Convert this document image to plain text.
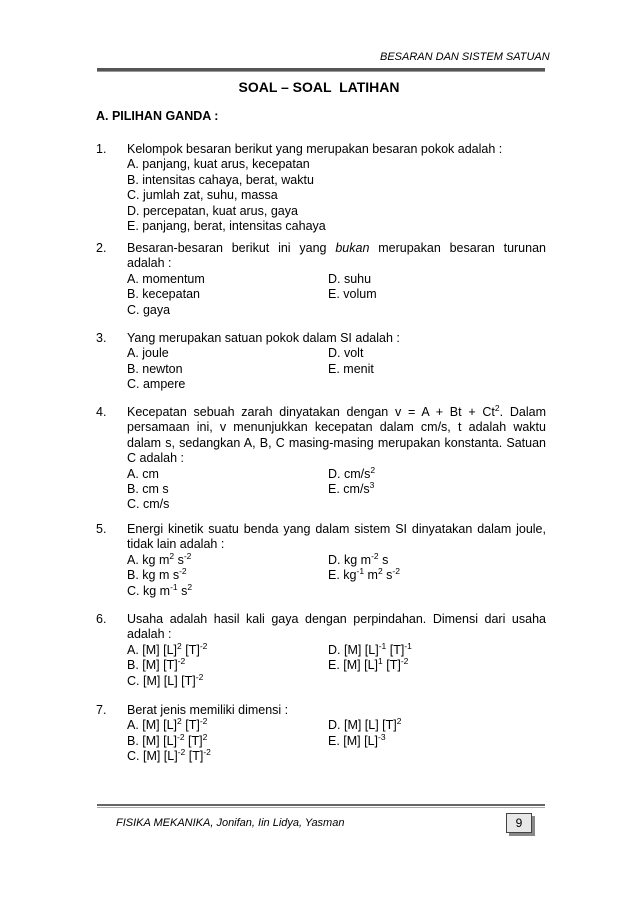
BESARAN DAN SISTEM SATUAN
SOAL – SOAL  LATIHAN
A. PILIHAN GANDA :
1. Kelompok besaran berikut yang merupakan besaran pokok adalah :
A. panjang, kuat arus, kecepatan
B. intensitas cahaya, berat, waktu
C. jumlah zat, suhu, massa
D. percepatan, kuat arus, gaya
E. panjang, berat, intensitas cahaya
2. Besaran-besaran berikut ini yang bukan merupakan besaran turunan adalah :
A. momentum	D. suhu
B. kecepatan	E. volum
C. gaya
3. Yang merupakan satuan pokok dalam SI adalah :
A. joule	D. volt
B. newton	E. menit
C. ampere
4. Kecepatan sebuah zarah dinyatakan dengan $v = A + Bt + Ct^2$. Dalam persamaan ini, v menunjukkan kecepatan dalam cm/s, t adalah waktu dalam s, sedangkan A, B, C masing-masing merupakan konstanta. Satuan C adalah :
A. cm	D. $cm/s^2$
B. cm s	E. $cm/s^3$
C. cm/s
5. Energi kinetik suatu benda yang dalam sistem SI dinyatakan dalam joule, tidak lain adalah :
A. kg $m^2$ $s^{-2}$	D. kg $m^{-2}$ s
B. kg m $s^{-2}$	E. $kg^{-1}$ $m^2$ $s^{-2}$
C. kg $m^{-1}$ $s^2$
6. Usaha adalah hasil kali gaya dengan perpindahan. Dimensi dari usaha adalah :
A. [M] $[L]^2$ $[T]^{-2}$	D. [M] $[L]^{-1}$ $[T]^{-1}$
B. [M] $[T]^{-2}$	E. [M] $[L]^1$ $[T]^{-2}$
C. [M] [L] $[T]^{-2}$
7. Berat jenis memiliki dimensi :
A. [M] $[L]^2$ $[T]^{-2}$	D. [M] [L] $[T]^2$
B. [M] $[L]^{-2}$ $[T]^2$	E. [M] $[L]^{-3}$
C. [M] $[L]^{-2}$ $[T]^{-2}$
FISIKA MEKANIKA, Jonifan, Iin Lidya, Yasman	9
